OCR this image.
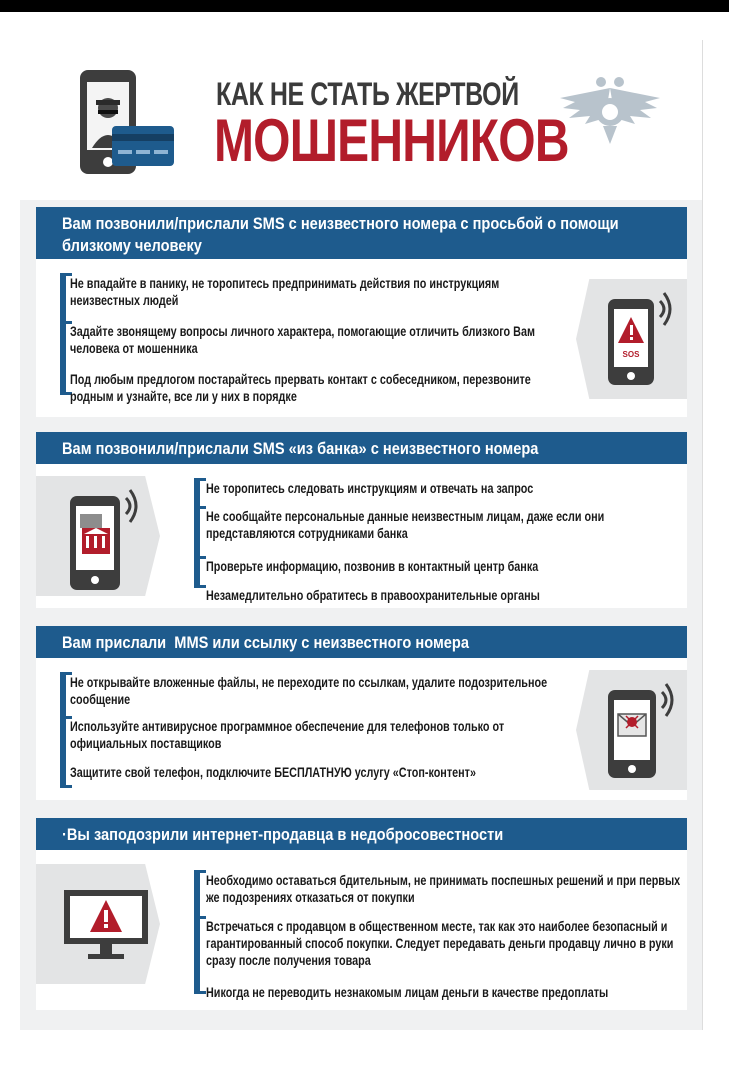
КАК НЕ СТАТЬ ЖЕРТВОЙ
МОШЕННИКОВ
Вам позвонили/прислали SMS с неизвестного номера с просьбой о помощи близкому человеку
Не впадайте в панику, не торопитесь предпринимать действия по инструкциям неизвестных людей
Задайте звонящему вопросы личного характера, помогающие отличить близкого Вам человека от мошенника
Под любым предлогом постарайтесь прервать контакт с собеседником, перезвоните родным и узнайте, все ли у них в порядке
SOS
Вам позвонили/прислали SMS «из банка» с неизвестного номера
Не торопитесь следовать инструкциям и отвечать на запрос
Не сообщайте персональные данные неизвестным лицам, даже если они представляются сотрудниками банка
Проверьте информацию, позвонив в контактный центр банка
Незамедлительно обратитесь в правоохранительные органы
Вам прислали  MMS или ссылку с неизвестного номера
Не открывайте вложенные файлы, не переходите по ссылкам, удалите подозрительное сообщение
Используйте антивирусное программное обеспечение для телефонов только от официальных поставщиков
Защитите свой телефон, подключите БЕСПЛАТНУЮ услугу «Стоп-контент»
·Вы заподозрили интернет-продавца в недобросовестности
Необходимо оставаться бдительным, не принимать поспешных решений и при первых же подозрениях отказаться от покупки
Встречаться с продавцом в общественном месте, так как это наиболее безопасный и гарантированный способ покупки. Следует передавать деньги продавцу лично в руки сразу после получения товара
Никогда не переводить незнакомым лицам деньги в качестве предоплаты
